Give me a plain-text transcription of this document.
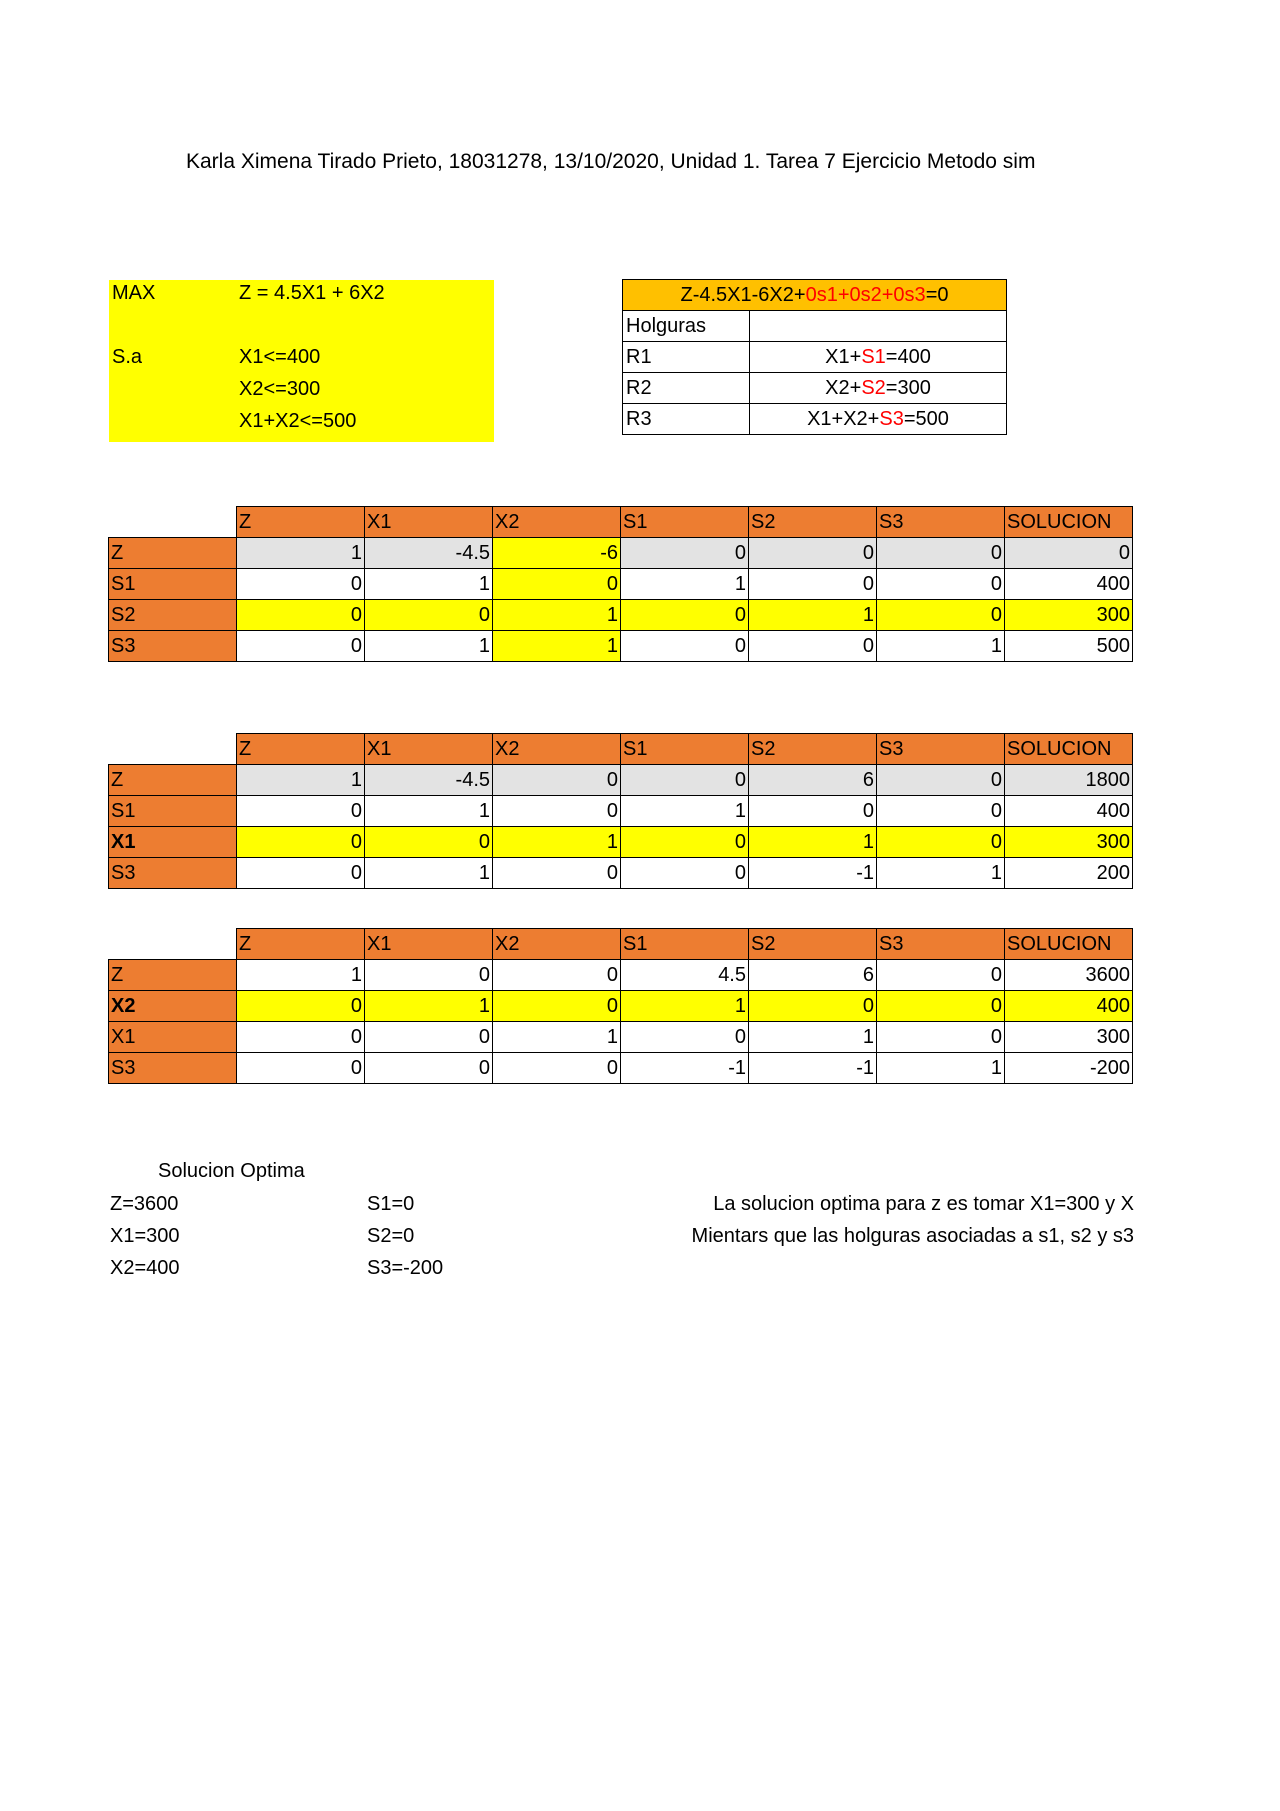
Karla Ximena Tirado Prieto, 18031278, 13/10/2020, Unidad 1. Tarea 7 Ejercicio Metodo sim
MAX	Z = 4.5X1 + 6X2
S.a	X1<=400
X2<=300
X1+X2<=500
Z-4.5X1-6X2+0s1+0s2+0s3=0	
Holguras	
R1	X1+S1=400
R2	X2+S2=300
R3	X1+X2+S3=500
	Z	X1	X2	S1	S2	S3	SOLUCION
Z	1	-4.5	-6	0	0	0	0
S1	0	1	0	1	0	0	400
S2	0	0	1	0	1	0	300
S3	0	1	1	0	0	1	500
	Z	X1	X2	S1	S2	S3	SOLUCION
Z	1	-4.5	0	0	6	0	1800
S1	0	1	0	1	0	0	400
X1	0	0	1	0	1	0	300
S3	0	1	0	0	-1	1	200
	Z	X1	X2	S1	S2	S3	SOLUCION
Z	1	0	0	4.5	6	0	3600
X2	0	1	0	1	0	0	400
X1	0	0	1	0	1	0	300
S3	0	0	0	-1	-1	1	-200
Solucion Optima
Z=3600
X1=300
X2=400
S1=0
S2=0
S3=-200
La solucion optima para z es tomar X1=300 y X
Mientars que las holguras asociadas a s1, s2 y s3
